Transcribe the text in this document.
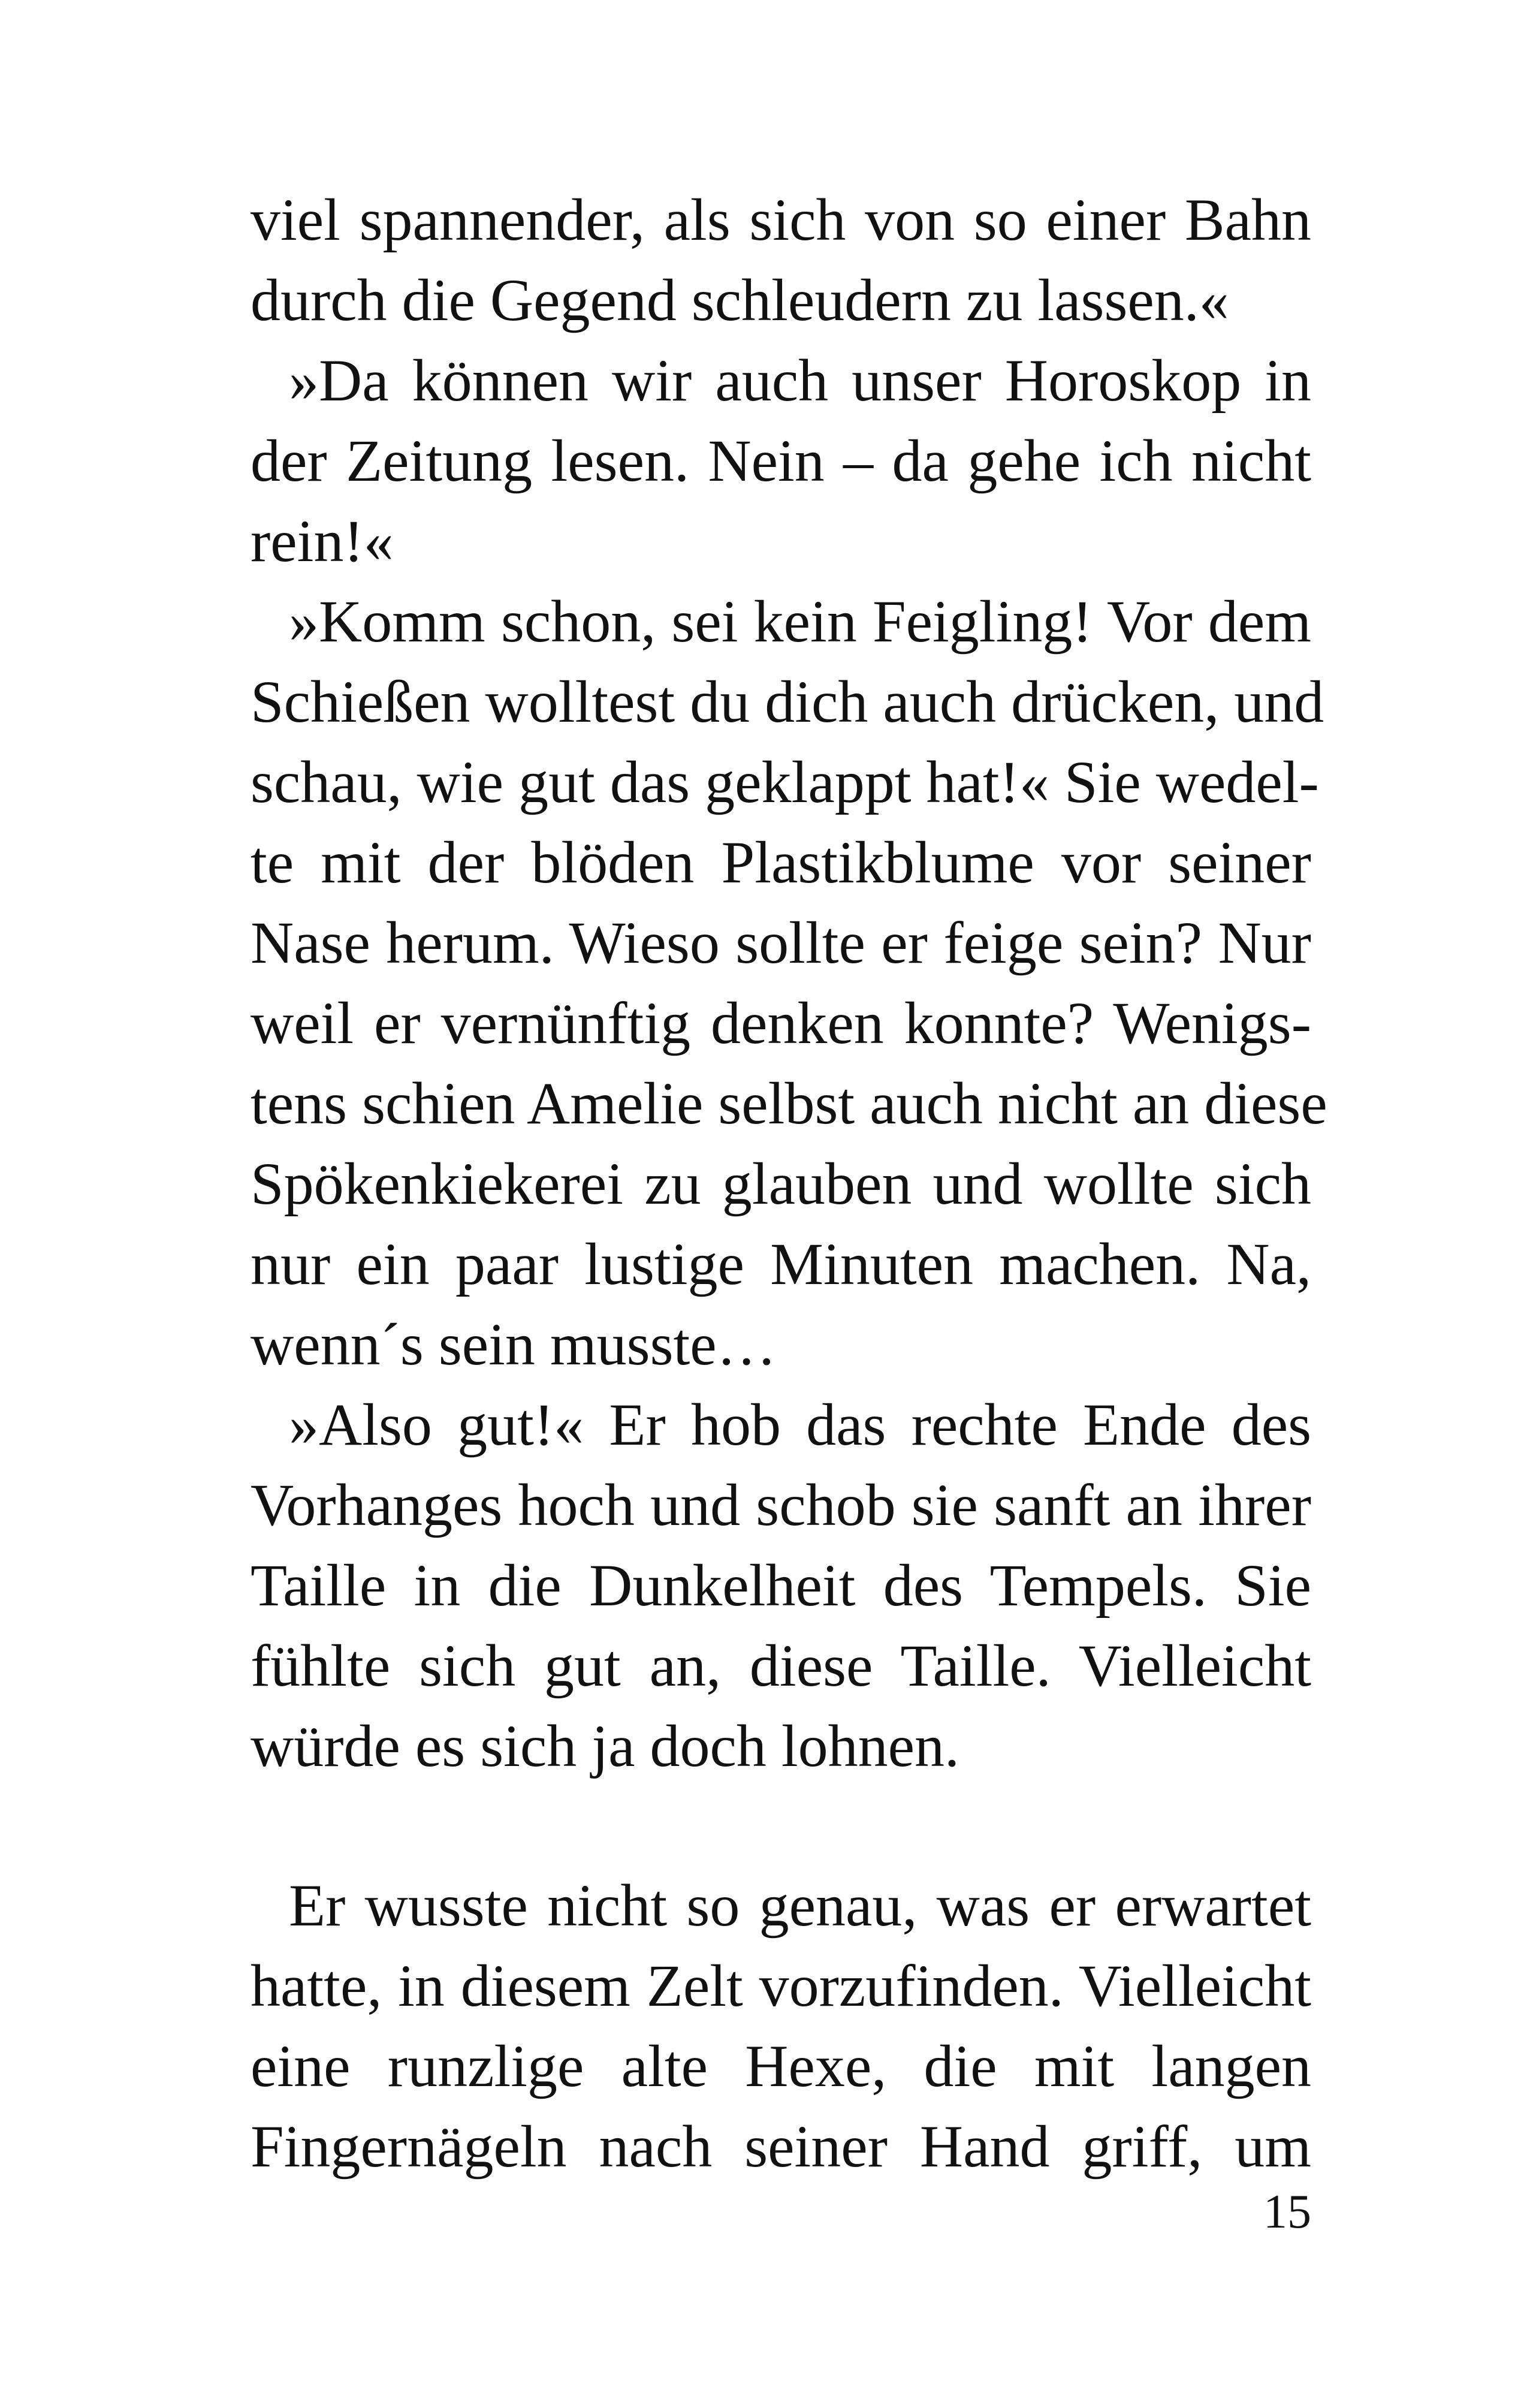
viel spannender, als sich von so einer Bahn
durch die Gegend schleudern zu lassen.«
»Da können wir auch unser Horoskop in
der Zeitung lesen. Nein – da gehe ich nicht
rein!«
»Komm schon, sei kein Feigling! Vor dem
Schießen wolltest du dich auch drücken, und
schau, wie gut das geklappt hat!« Sie wedel-
te mit der blöden Plastikblume vor seiner
Nase herum. Wieso sollte er feige sein? Nur
weil er vernünftig denken konnte? Wenigs-
tens schien Amelie selbst auch nicht an diese
Spökenkiekerei zu glauben und wollte sich
nur ein paar lustige Minuten machen. Na,
wenn´s sein musste…
»Also gut!« Er hob das rechte Ende des
Vorhanges hoch und schob sie sanft an ihrer
Taille in die Dunkelheit des Tempels. Sie
fühlte sich gut an, diese Taille. Vielleicht
würde es sich ja doch lohnen.
Er wusste nicht so genau, was er erwartet
hatte, in diesem Zelt vorzufinden. Vielleicht
eine runzlige alte Hexe, die mit langen
Fingernägeln nach seiner Hand griff, um
15
